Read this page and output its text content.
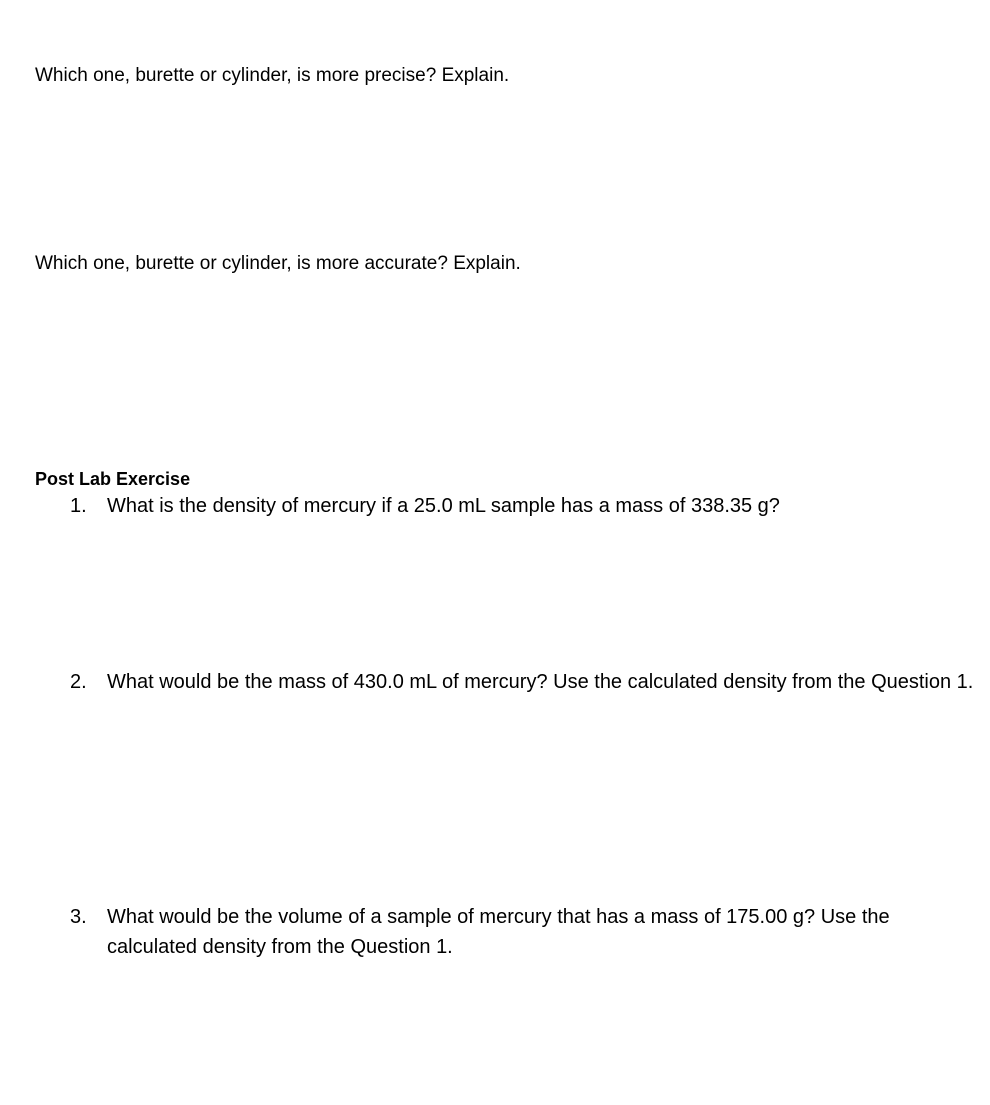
Which one, burette or cylinder, is more precise? Explain.
Which one, burette or cylinder, is more accurate? Explain.
Post Lab Exercise
1.	What is the density of mercury if a 25.0 mL sample has a mass of 338.35 g?
2.	What would be the mass of 430.0 mL of mercury? Use the calculated density from the Question 1.
3.	What would be the volume of a sample of mercury that has a mass of 175.00 g? Use the calculated density from the Question 1.
